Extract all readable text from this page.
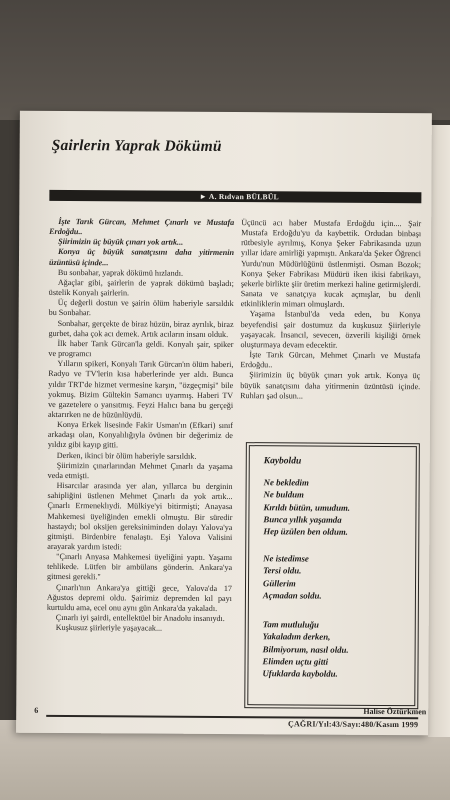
Şairlerin Yaprak Dökümü
► A. Rıdvan BÜLBÜL

İşte Tarık Gürcan, Mehmet Çınarlı ve Mustafa Erdoğdu..

Şiirimizin üç büyük çınarı yok artık...

Konya üç büyük sanatçısını daha yitirmenin üzüntüsü içinde...

Bu sonbahar, yaprak dökümü hızlandı.

Ağaçlar gibi, şairlerin de yaprak dökümü başladı; üstelik Konyalı şairlerin.

Üç değerli dostun ve şairin ölüm haberiyle sarsıldık bu Sonbahar.

Sonbahar, gerçekte de biraz hüzün, biraz ayrılık, biraz gurbet, daha çok acı demek. Artık acıların insanı olduk.

İlk haber Tarık Gürcan'la geldi. Konyalı şair, spiker ve programcı

Yılların spikeri, Konyalı Tarık Gürcan'ın ölüm haberi, Radyo ve TV'lerin kısa haberlerinde yer aldı. Bunca yıldır TRT'de hizmet vermesine karşın, "özgeçmişi" bile yokmuş. Bizim Gültekin Samancı uyarmış. Haberi TV ve gazetelere o yansıtmış. Feyzi Halıcı bana bu gerçeği aktarırken ne de hüzünlüydü.

Konya Erkek lisesinde Fakir Usman'ın (Efkari) sınıf arkadaşı olan, Konyalılığıyla övünen bir değerimiz de yıldız gibi kayıp gitti.

Derken, ikinci bir ölüm haberiyle sarsıldık.

Şiirimizin çınarlarından Mehmet Çınarlı da yaşama veda etmişti.

Hisarcılar arasında yer alan, yıllarca bu derginin sahipliğini üstlenen Mehmet Çınarlı da yok artık... Çınarlı Ermeneklıydi. Mülkiye'yi bitirmişti; Anayasa Mahkemesi üyeliğinden emekli olmuştu. Bir süredir hastaydı; bol oksijen gereksiniminden dolayı Yalova'ya gitmişti. Birdenbire fenalaştı. Eşi Yalova Valisini arayarak yardım istedi:

"Çınarlı Anyasa Mahkemesi üyeliğini yaptı. Yaşamı tehlikede. Lütfen bir ambülans gönderin. Ankara'ya gitmesi gerekli."

Çınarlı'nın Ankara'ya gittiği gece, Yalova'da 17 Ağustos depremi oldu. Şairimiz depremden kıl payı kurtuldu ama, ecel onu aynı gün Ankara'da yakaladı.

Çınarlı iyi şairdi, entellektüel bir Anadolu insanıydı.

Kuşkusuz şiirleriyle yaşayacak...

Üçüncü acı haber Mustafa Erdoğdu için.... Şair Mustafa Erdoğdu'yu da kaybettik. Ordudan binbaşı rütbesiyle ayrılmış, Konya Şeker Fabrikasında uzun yıllar idare amirliği yapmıştı. Ankara'da Şeker Öğrenci Yurdu'nun Müdürlüğünü üstlenmişti. Osman Bozok; Konya Şeker Fabrikası Müdürü iken ikisi fabrikayı, şekerle birlikte şiir üretim merkezi haline getirmişlerdi. Sanata ve sanatçıya kucak açmışlar, bu denli etkinliklerin mimarı olmuşlardı.

Yaşama İstanbul'da veda eden, bu Konya beyefendisi şair dostumuz da kuşkusuz Şiirleriyle yaşayacak. İnsancıl, sevecen, özverili kişiliği örnek oluşturmaya devam edecektir.

İşte Tarık Gürcan, Mehmet Çınarlı ve Mustafa Erdoğdu..

Şiirimizin üç büyük çınarı yok artık. Konya üç büyük sanatçısını daha yitirmenin üzüntüsü içinde. Ruhları şad olsun...

Kayboldu
Ne bekledim
Ne buldum
Kırıldı bütün, umudum.
Bunca yıllık yaşamda
Hep üzülen ben oldum.
Ne istedimse
Tersi oldu.
Güllerim
Açmadan soldu.
Tam mutluluğu
Yakaladım derken,
Bilmiyorum, nasıl oldu.
Elimden uçtu gitti
Ufuklarda kayboldu.
Halise Öztürkmen
6
ÇAĞRI/Yıl:43/Sayı:480/Kasım 1999
